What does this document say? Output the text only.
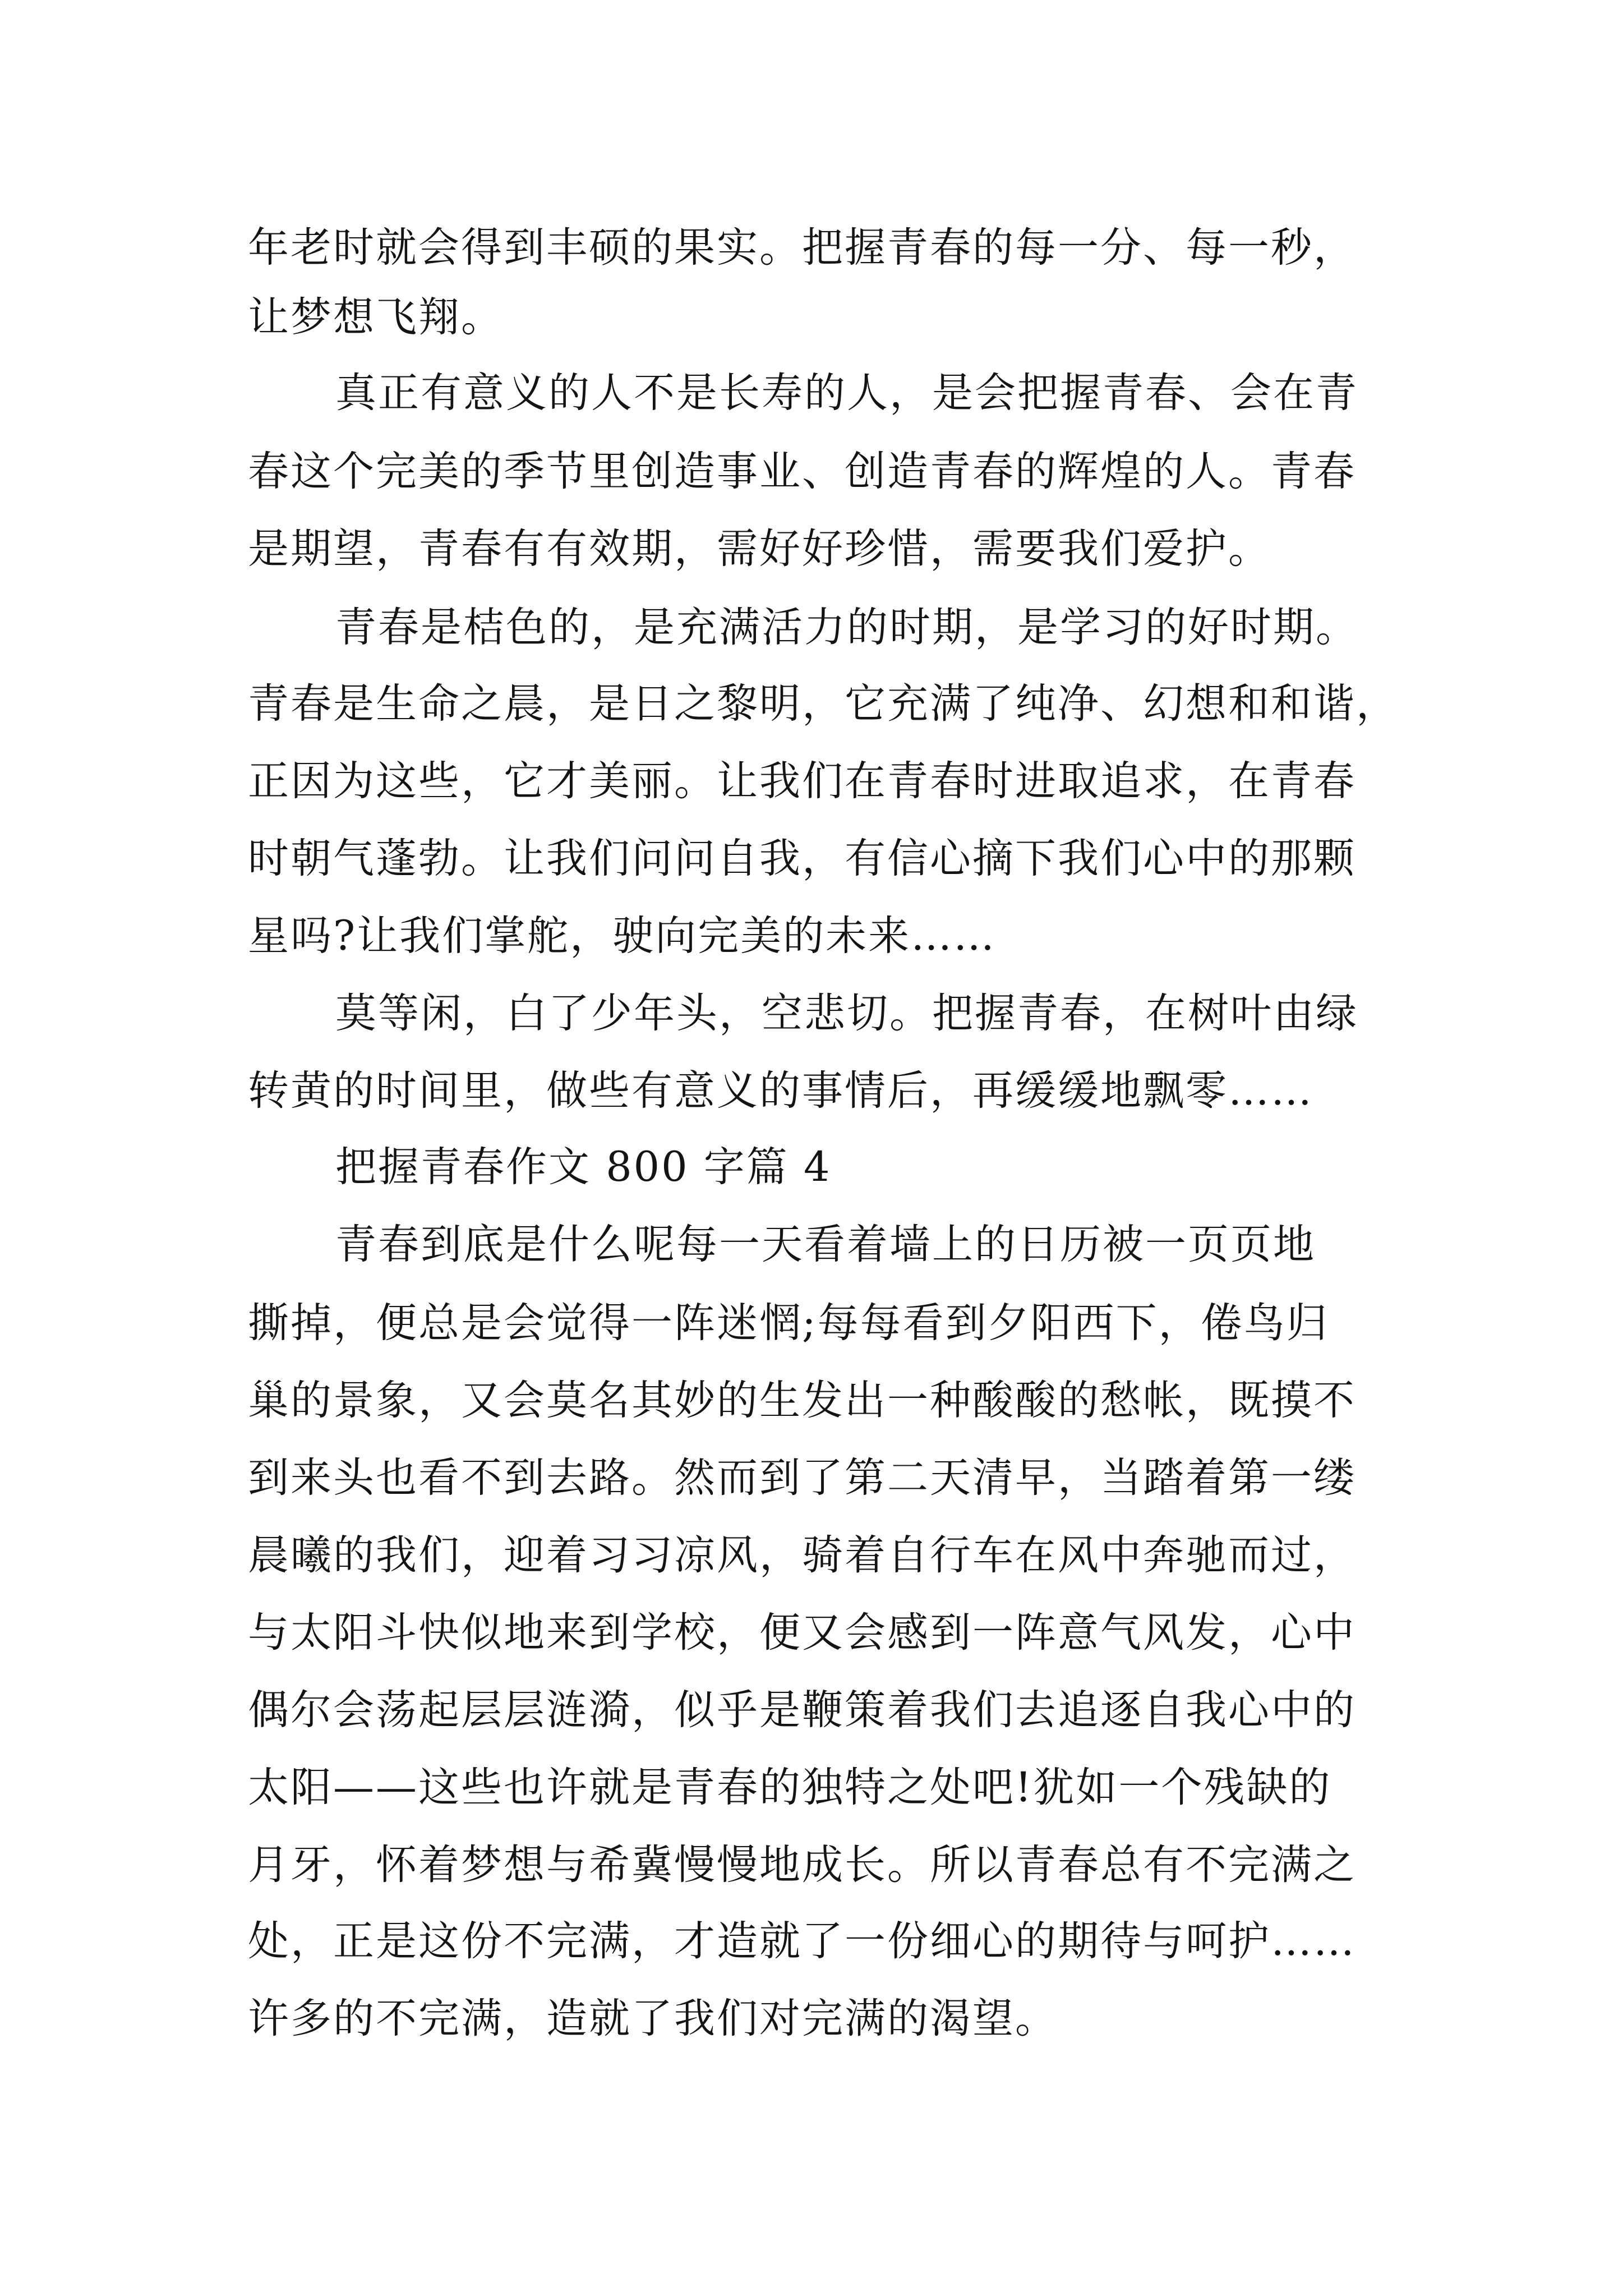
年老时就会得到丰硕的果实。把握青春的每一分、每一秒，
让梦想飞翔。
真正有意义的人不是长寿的人，是会把握青春、会在青
春这个完美的季节里创造事业、创造青春的辉煌的人。青春
是期望，青春有有效期，需好好珍惜，需要我们爱护。
青春是桔色的，是充满活力的时期，是学习的好时期。
青春是生命之晨，是日之黎明，它充满了纯净、幻想和和谐，
正因为这些，它才美丽。让我们在青春时进取追求，在青春
时朝气蓬勃。让我们问问自我，有信心摘下我们心中的那颗
星吗?让我们掌舵，驶向完美的未来……
莫等闲，白了少年头，空悲切。把握青春，在树叶由绿
转黄的时间里，做些有意义的事情后，再缓缓地飘零……
把握青春作文 800 字篇 4
青春到底是什么呢每一天看着墙上的日历被一页页地
撕掉，便总是会觉得一阵迷惘;每每看到夕阳西下，倦鸟归
巢的景象，又会莫名其妙的生发出一种酸酸的愁帐，既摸不
到来头也看不到去路。然而到了第二天清早，当踏着第一缕
晨曦的我们，迎着习习凉风，骑着自行车在风中奔驰而过，
与太阳斗快似地来到学校，便又会感到一阵意气风发，心中
偶尔会荡起层层涟漪，似乎是鞭策着我们去追逐自我心中的
太阳——这些也许就是青春的独特之处吧!犹如一个残缺的
月牙，怀着梦想与希冀慢慢地成长。所以青春总有不完满之
处，正是这份不完满，才造就了一份细心的期待与呵护……
许多的不完满，造就了我们对完满的渴望。
